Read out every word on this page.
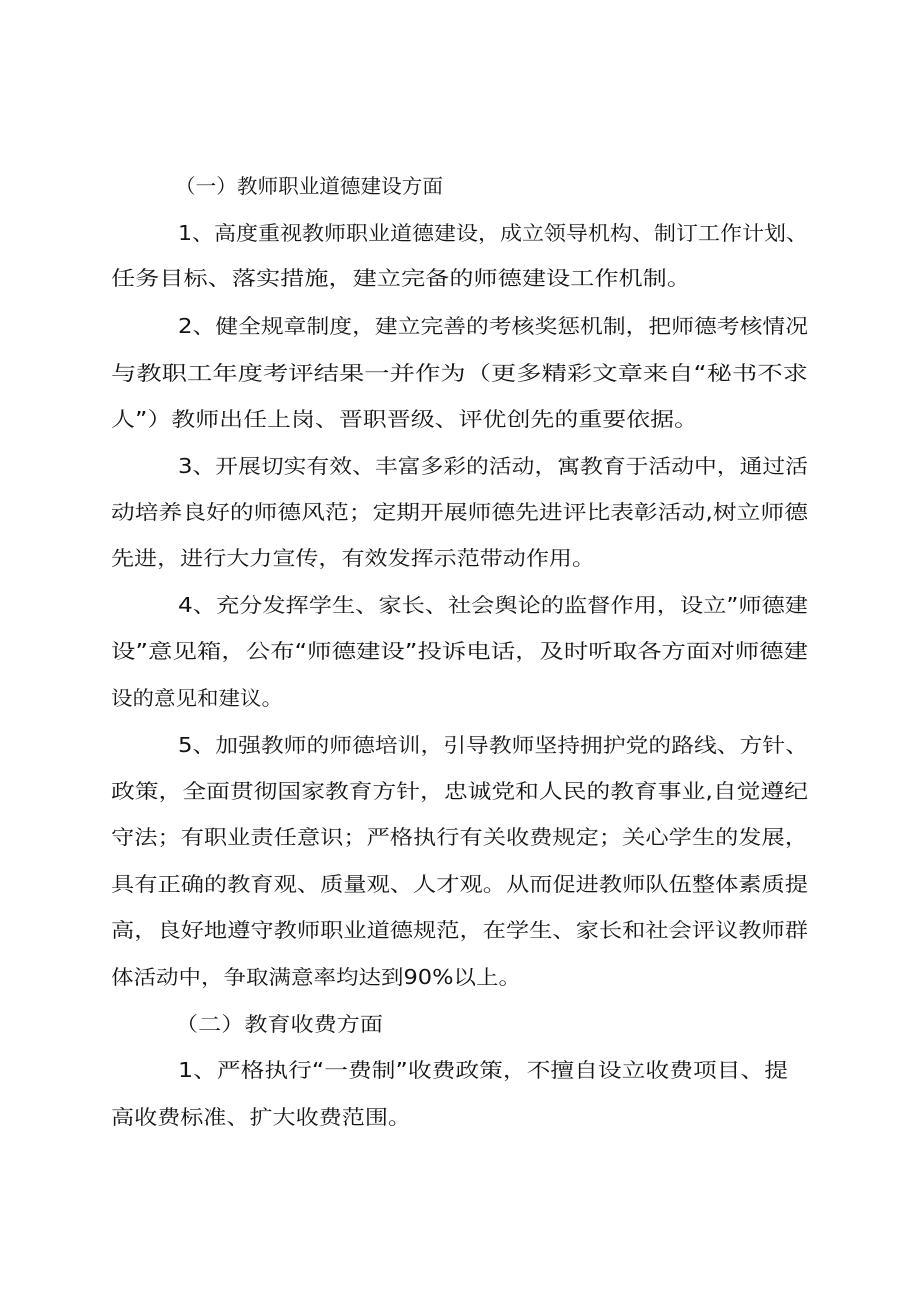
（一）教师职业道德建设方面
1、高度重视教师职业道德建设，成立领导机构、制订工作计划、
任务目标、落实措施，建立完备的师德建设工作机制。
2、健全规章制度，建立完善的考核奖惩机制，把师德考核情况
与教职工年度考评结果一并作为（更多精彩文章来自“秘书不求
人”）教师出任上岗、晋职晋级、评优创先的重要依据。
3、开展切实有效、丰富多彩的活动，寓教育于活动中，通过活
动培养良好的师德风范；定期开展师德先进评比表彰活动,树立师德
先进，进行大力宣传，有效发挥示范带动作用。
4、充分发挥学生、家长、社会舆论的监督作用，设立”师德建
设”意见箱，公布“师德建设”投诉电话，及时听取各方面对师德建
设的意见和建议。
5、加强教师的师德培训，引导教师坚持拥护党的路线、方针、
政策，全面贯彻国家教育方针，忠诚党和人民的教育事业,自觉遵纪
守法；有职业责任意识；严格执行有关收费规定；关心学生的发展，
具有正确的教育观、质量观、人才观。从而促进教师队伍整体素质提
高，良好地遵守教师职业道德规范，在学生、家长和社会评议教师群
体活动中，争取满意率均达到90%以上。
（二）教育收费方面
1、严格执行“一费制”收费政策，不擅自设立收费项目、提
高收费标准、扩大收费范围。
